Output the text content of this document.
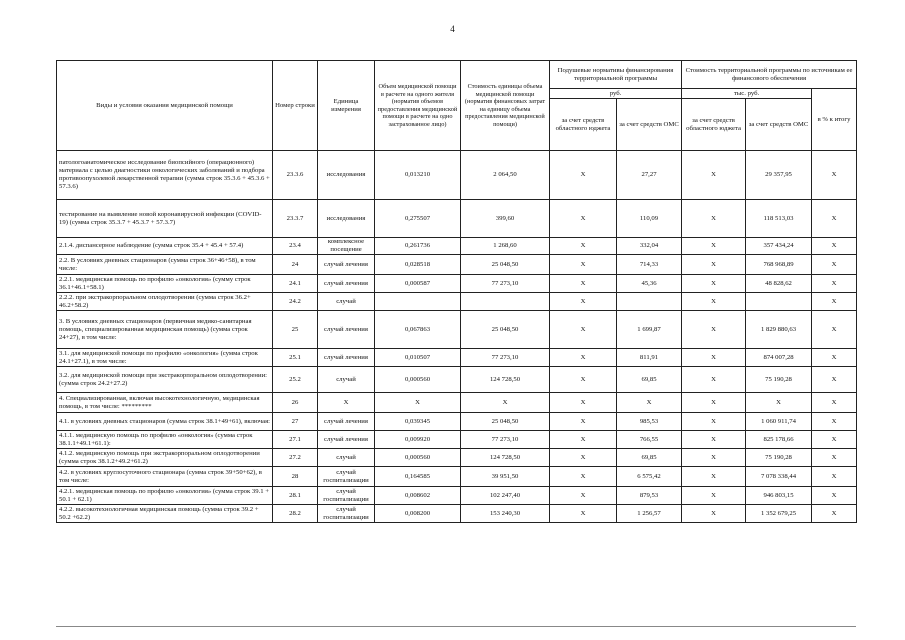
4
Виды и условия оказания медицинской помощи	Номер строки	Единица измерения	Объем медицинской помощи в расчете на одного жителя (норматив объемов предоставления медицинской помощи в расчете на одно застрахованное лицо)	Стоимость единицы объема медицинской помощи (норматив финансовых затрат на единицу объема предоставления медицинской помощи)	Подушевые нормативы финансирования территориальной программы		Стоимость территориальной программы по источникам ее финансового обеспечения		
					руб.		тыс. руб.		в % к итогу
					за счет средств областного юджета	за счет средств ОМС	за счет средств областного юджета	за счет средств ОМС	
патологоанатомическое исследование биопсийного (операционного) материала с целью диагностики онкологических заболеваний и подбора противоопухолевой лекарственной терапии (сумма строк 35.3.6 + 45.3.6 + 57.3.6)	23.3.6	исследования	0,013210	2 064,50	X	27,27	X	29 357,95	X
тестирование на выявление новой коронавирусной инфекции (COVID-19) (сумма строк 35.3.7 + 45.3.7 + 57.3.7)	23.3.7	исследования	0,275507	399,60	X	110,09	X	118 513,03	X
2.1.4. диспансерное наблюдение (сумма строк 35.4 + 45.4 + 57.4)	23.4	комплексное посещение	0,261736	1 268,60	X	332,04	X	357 434,24	X
2.2. В условиях дневных стационаров (сумма строк 36+46+58), в том числе:	24	случай лечения	0,028518	25 048,50	X	714,33	X	768 968,89	X
2.2.1. медицинская помощь по профилю «онкология» (сумму строк 36.1+46.1+58.1)	24.1	случай лечения	0,000587	77 273,10	X	45,36	X	48 828,62	X
2.2.2. при экстракорпоральном оплодотворении (сумма строк 36.2+ 46.2+58.2)	24.2	случай			X		X		X
3. В условиях дневных стационаров (первичная медико-санитарная помощь, специализированная медицинская помощь) (сумма строк 24+27), в том числе:	25	случай лечения	0,067863	25 048,50	X	1 699,87	X	1 829 880,63	X
3.1. для медицинской помощи по профилю «онкология» (сумма строк 24.1+27.1), в том числе:	25.1	случай лечения	0,010507	77 273,10	X	811,91	X	874 007,28	X
3.2. для медицинской помощи при экстракорпоральном оплодотворении: (сумма строк 24.2+27.2)	25.2	случай	0,000560	124 728,50	X	69,85	X	75 190,28	X
4. Специализированная, включая высокотехнологичную, медицинская помощь, в том числе: *********	26	X	X	X	X	X	X	X	X
4.1. в условиях дневных стационаров (сумма строк 38.1+49+61), включая:	27	случай лечения	0,039345	25 048,50	X	985,53	X	1 060 911,74	X
4.1.1. медицинскую помощь по профилю «онкология» (сумма строк 38.1.1+49.1+61.1):	27.1	случай лечения	0,009920	77 273,10	X	766,55	X	825 178,66	X
4.1.2. медицинскую помощь при экстракорпоральном оплодотворении (сумма строк 38.1.2+49.2+61.2)	27.2	случай	0,000560	124 728,50	X	69,85	X	75 190,28	X
4.2. в условиях круглосуточного стационара (сумма строк 39+50+62), в том числе:	28	случай госпитализации	0,164585	39 951,50	X	6 575,42	X	7 078 338,44	X
4.2.1. медицинская помощь по профилю «онкология» (сумма строк 39.1 + 50.1 + 62.1)	28.1	случай госпитализации	0,008602	102 247,40	X	879,53	X	946 803,15	X
4.2.2. высокотехнологичная медицинская помощь (сумма строк 39.2 + 50.2 +62.2)	28.2	случай госпитализации	0,008200	153 240,30	X	1 256,57	X	1 352 679,25	X
